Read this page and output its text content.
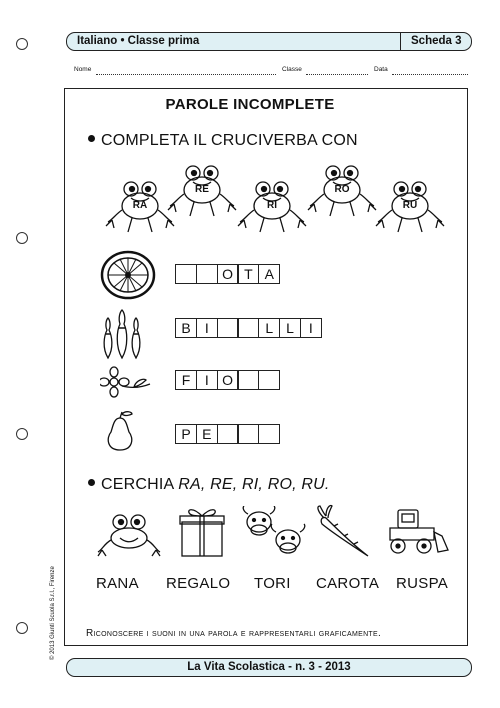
Italiano • Classe prima	Scheda 3
Nome	Classe	Data
PAROLE INCOMPLETE
COMPLETA IL CRUCIVERBA CON
RA
RE
RI
RO
RU
O T A
B	I	L L	I
F	I O
P E
CERCHIA RA, RE, RI, RO, RU.
RANA REGALO TORI CAROTA RUSPA
Riconoscere i suoni in una parola e rappresentarli graficamente.
© 2013 Giunti Scuola S.r.l., Firenze
La Vita Scolastica - n. 3 - 2013
